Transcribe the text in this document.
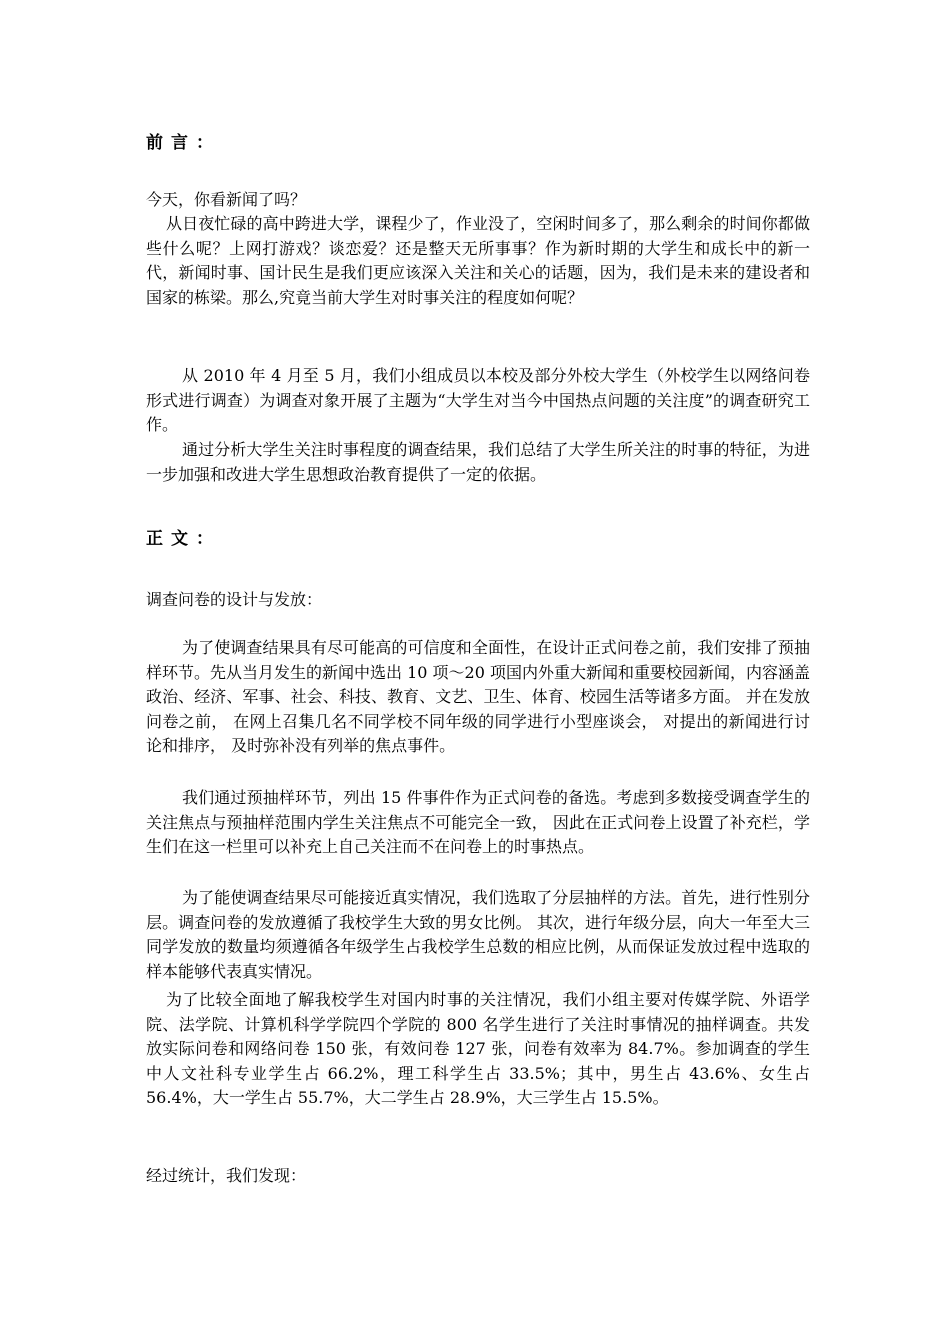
前言：

今天，你看新闻了吗？

从日夜忙碌的高中跨进大学，课程少了，作业没了，空闲时间多了，那么剩余的时间你都做些什么呢？上网打游戏？谈恋爱？还是整天无所事事？作为新时期的大学生和成长中的新一代，新闻时事、国计民生是我们更应该深入关注和关心的话题，因为，我们是未来的建设者和国家的栋梁。那么,究竟当前大学生对时事关注的程度如何呢？

从 2010 年 4 月至 5 月，我们小组成员以本校及部分外校大学生（外校学生以网络问卷形式进行调查）为调查对象开展了主题为“大学生对当今中国热点问题的关注度”的调查研究工作。

通过分析大学生关注时事程度的调查结果，我们总结了大学生所关注的时事的特征，为进一步加强和改进大学生思想政治教育提供了一定的依据。

正文：

调查问卷的设计与发放：

为了使调查结果具有尽可能高的可信度和全面性，在设计正式问卷之前，我们安排了预抽样环节。先从当月发生的新闻中选出 10 项～20 项国内外重大新闻和重要校园新闻，内容涵盖政治、经济、军事、社会、科技、教育、文艺、卫生、体育、校园生活等诸多方面。 并在发放问卷之前， 在网上召集几名不同学校不同年级的同学进行小型座谈会， 对提出的新闻进行讨论和排序， 及时弥补没有列举的焦点事件。

我们通过预抽样环节，列出 15 件事件作为正式问卷的备选。考虑到多数接受调查学生的关注焦点与预抽样范围内学生关注焦点不可能完全一致， 因此在正式问卷上设置了补充栏，学生们在这一栏里可以补充上自己关注而不在问卷上的时事热点。

为了能使调查结果尽可能接近真实情况，我们选取了分层抽样的方法。首先，进行性别分层。调查问卷的发放遵循了我校学生大致的男女比例。 其次，进行年级分层，向大一年至大三同学发放的数量均须遵循各年级学生占我校学生总数的相应比例，从而保证发放过程中选取的样本能够代表真实情况。

为了比较全面地了解我校学生对国内时事的关注情况，我们小组主要对传媒学院、外语学院、法学院、计算机科学学院四个学院的 800 名学生进行了关注时事情况的抽样调查。共发放实际问卷和网络问卷 150 张，有效问卷 127 张，问卷有效率为 84.7%。参加调查的学生中人文社科专业学生占 66.2%，理工科学生占 33.5%；其中，男生占 43.6%、女生占 56.4%，大一学生占 55.7%，大二学生占 28.9%，大三学生占 15.5%。

经过统计，我们发现：
